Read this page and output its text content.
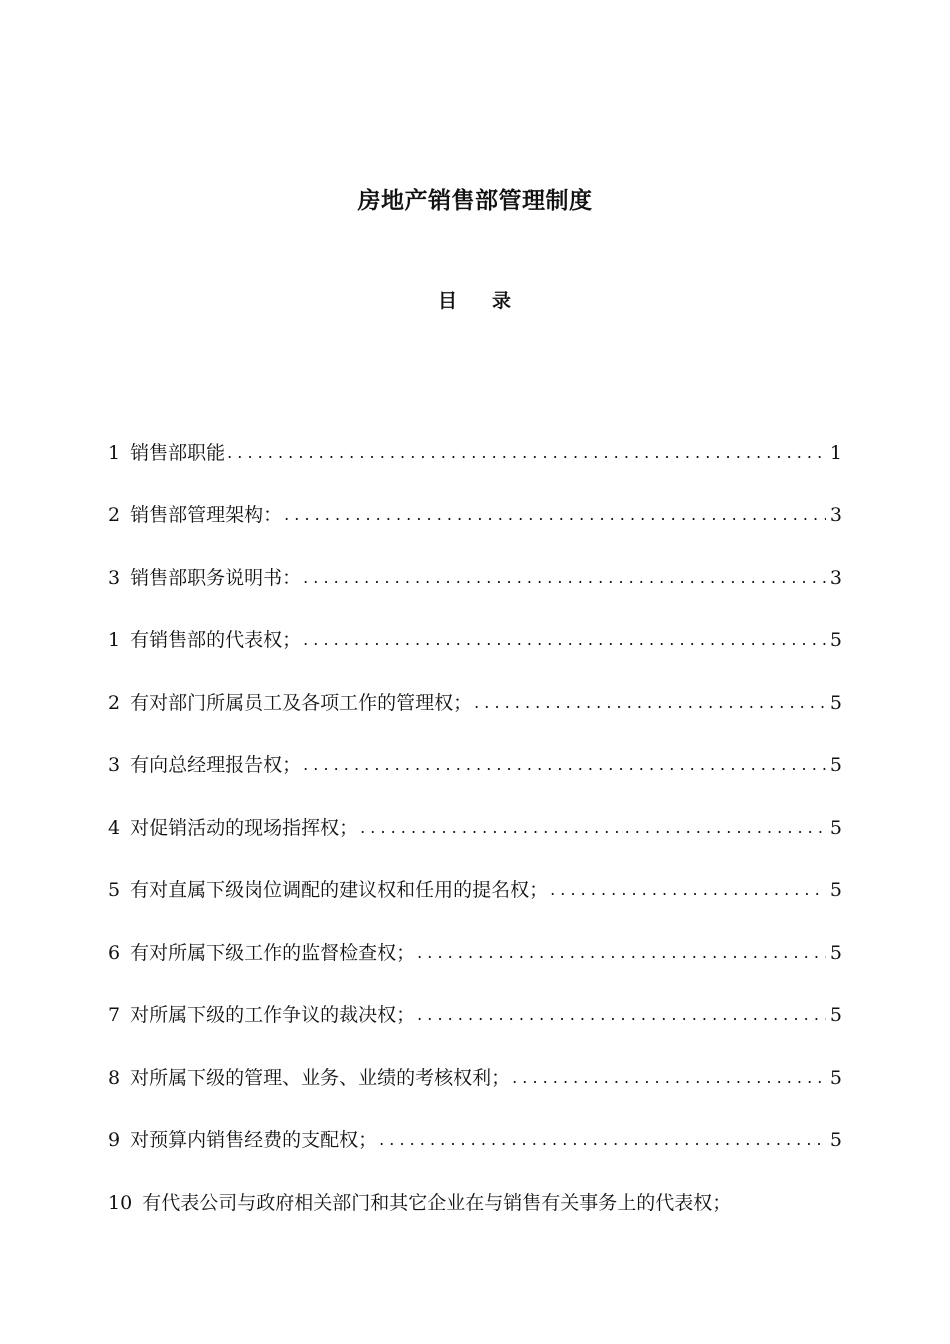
房地产销售部管理制度
目 录
1 销售部职能 . . .	1
2 销售部管理架构： . . .	3
3 销售部职务说明书： . . .	3
1 有销售部的代表权； . . .	5
2 有对部门所属员工及各项工作的管理权； . . .	5
3 有向总经理报告权； . . .	5
4 对促销活动的现场指挥权； . . .	5
5 有对直属下级岗位调配的建议权和任用的提名权； . . .	5
6 有对所属下级工作的监督检查权； . . .	5
7 对所属下级的工作争议的裁决权； . . .	5
8 对所属下级的管理、业务、业绩的考核权利； . . .	5
9 对预算内销售经费的支配权； . . .	5
10 有代表公司与政府相关部门和其它企业在与销售有关事务上的代表权；
